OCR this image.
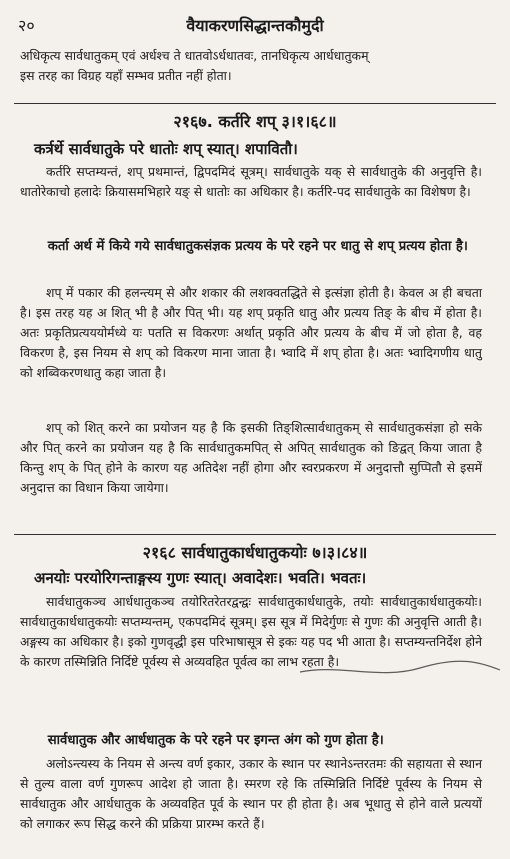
२०	वैयाकरणसिद्धान्तकौमुदी

अधिकृत्य सार्वधातुकम् एवं अर्धश्च ते धातवोऽर्धधातवः, तानधिकृत्य आर्धधातुकम्
इस तरह का विग्रह यहाँ सम्भव प्रतीत नहीं होता।

२१६७. कर्तरि शप् ३।१।६८॥
कर्त्रर्थे सार्वधातुके परे धातोः शप् स्यात्। शपावितौ।

कर्तरि सप्तम्यन्तं, शप् प्रथमान्तं, द्विपदमिदं सूत्रम्। सार्वधातुके यक् से सार्वधातुके की अनुवृत्ति है। धातोरेकाचो हलादेः क्रियासमभिहारे यङ् से धातोः का अधिकार है। कर्तरि-पद सार्वधातुके का विशेषण है।

कर्ता अर्थ में किये गये सार्वधातुकसंज्ञक प्रत्यय के परे रहने पर धातु से शप् प्रत्यय होता है।

शप् में पकार की हलन्त्यम् से और शकार की लशक्वतद्धिते से इत्संज्ञा होती है। केवल अ ही बचता है। इस तरह यह अ शित् भी है और पित् भी। यह शप् प्रकृति धातु और प्रत्यय तिङ् के बीच में होता है। अतः प्रकृतिप्रत्यययोर्मध्ये यः पतति स विकरणः अर्थात् प्रकृति और प्रत्यय के बीच में जो होता है, वह विकरण है, इस नियम से शप् को विकरण माना जाता है। भ्वादि में शप् होता है। अतः भ्वादिगणीय धातु को शब्विकरणधातु कहा जाता है।

शप् को शित् करने का प्रयोजन यह है कि इसकी तिङ्शित्सार्वधातुकम् से सार्वधातुकसंज्ञा हो सके और पित् करने का प्रयोजन यह है कि सार्वधातुकमपित् से अपित् सार्वधातुक को ङिद्वत् किया जाता है किन्तु शप् के पित् होने के कारण यह अतिदेश नहीं होगा और स्वरप्रकरण में अनुदात्तौ सुप्पितौ से इसमें अनुदात्त का विधान किया जायेगा।

२१६८ सार्वधातुकार्धधातुकयोः ७।३।८४॥
अनयोः परयोरिगन्ताङ्गस्य गुणः स्यात्। अवादेशः। भवति। भवतः।

सार्वधातुकञ्च आर्धधातुकञ्च तयोरितरेतरद्वन्द्वः सार्वधातुकार्धधातुके, तयोः सार्वधातुकार्धधातुकयोः। सार्वधातुकार्धधातुकयोः सप्तम्यन्तम्, एकपदमिदं सूत्रम्। इस सूत्र में मिदेर्गुणः से गुणः की अनुवृत्ति आती है। अङ्गस्य का अधिकार है। इको गुणवृद्धी इस परिभाषासूत्र से इकः यह पद भी आता है। सप्तम्यन्तनिर्देश होने के कारण तस्मिन्निति निर्दिष्टे पूर्वस्य से अव्यवहित पूर्वत्व का लाभ रहता है।

सार्वधातुक और आर्धधातुक के परे रहने पर इगन्त अंग को गुण होता है।

अलोऽन्त्यस्य के नियम से अन्त्य वर्ण इकार, उकार के स्थान पर स्थानेऽन्तरतमः की सहायता से स्थान से तुल्य वाला वर्ण गुणरूप आदेश हो जाता है। स्मरण रहे कि तस्मिन्निति निर्दिष्टे पूर्वस्य के नियम से सार्वधातुक और आर्धधातुक के अव्यवहित पूर्व के स्थान पर ही होता है। अब भूधातु से होने वाले प्रत्ययों को लगाकर रूप सिद्ध करने की प्रक्रिया प्रारम्भ करते हैं।
